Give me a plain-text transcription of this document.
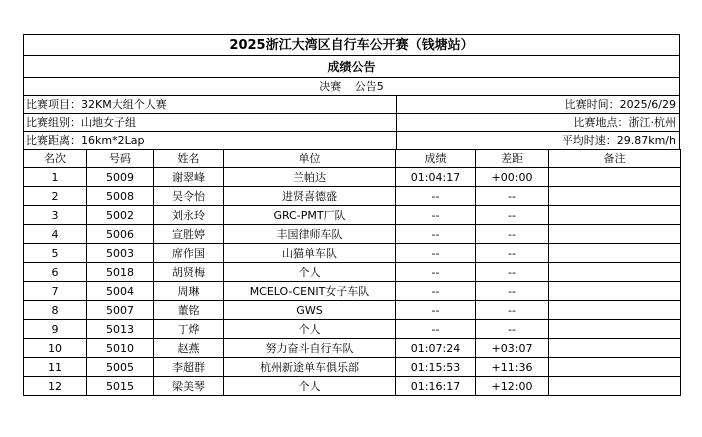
2025浙江大湾区自行车公开赛（钱塘站）
成绩公告
决赛 公告5
比赛项目：32KM大组个人赛	比赛时间：2025/6/29
比赛组别：山地女子组	比赛地点：浙江·杭州
比赛距离：16km*2Lap	平均时速：29.87km/h
名次	号码	姓名	单位	成绩	差距	备注
1	5009	谢翠峰	兰帕达	01:04:17	+00:00	
2	5008	吴令怡	进贤喜德盛	--	--	
3	5002	刘永玲	GRC-PMT厂队	--	--	
4	5006	宣胜婷	丰国律师车队	--	--	
5	5003	席作国	山猫单车队	--	--	
6	5018	胡贤梅	个人	--	--	
7	5004	周琳	MCELO-CENIT女子车队	--	--	
8	5007	董铭	GWS	--	--	
9	5013	丁烨	个人	--	--	
10	5010	赵燕	努力奋斗自行车队	01:07:24	+03:07	
11	5005	李超群	杭州新途单车俱乐部	01:15:53	+11:36	
12	5015	梁美琴	个人	01:16:17	+12:00	
